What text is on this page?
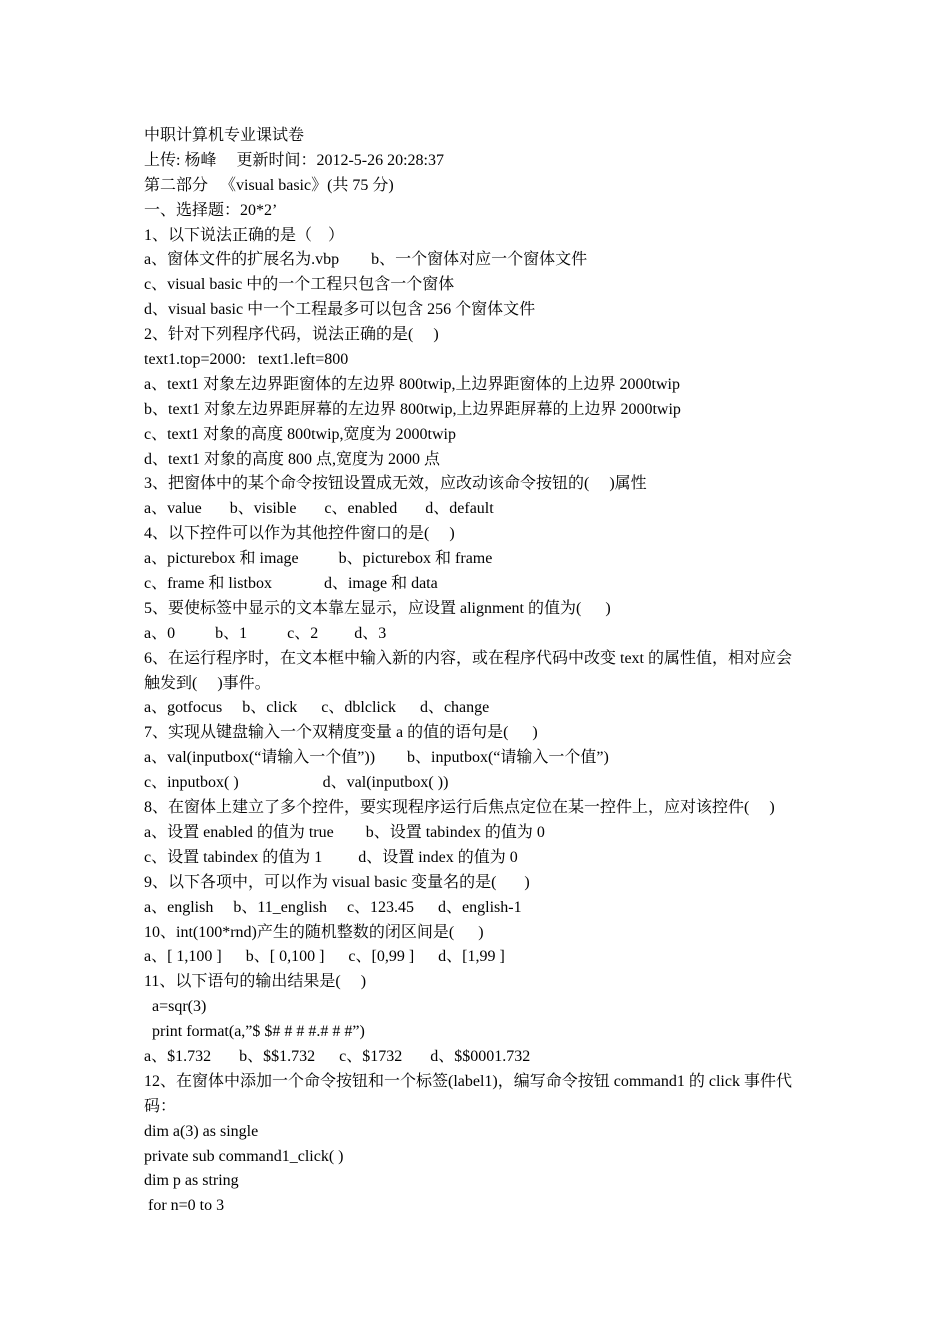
中职计算机专业课试卷
上传: 杨峰     更新时间：2012-5-26 20:28:37
第二部分   《visual basic》(共 75 分)
一、选择题：20*2’
1、以下说法正确的是（    ）
a、窗体文件的扩展名为.vbp        b、一个窗体对应一个窗体文件
c、visual basic 中的一个工程只包含一个窗体
d、visual basic 中一个工程最多可以包含 256 个窗体文件
2、针对下列程序代码，说法正确的是(     )
text1.top=2000:   text1.left=800
a、text1 对象左边界距窗体的左边界 800twip,上边界距窗体的上边界 2000twip
b、text1 对象左边界距屏幕的左边界 800twip,上边界距屏幕的上边界 2000twip
c、text1 对象的高度 800twip,宽度为 2000twip
d、text1 对象的高度 800 点,宽度为 2000 点
3、把窗体中的某个命令按钮设置成无效，应改动该命令按钮的(     )属性
a、value       b、visible       c、enabled       d、default
4、以下控件可以作为其他控件窗口的是(     )
a、picturebox 和 image          b、picturebox 和 frame
c、frame 和 listbox             d、image 和 data
5、要使标签中显示的文本靠左显示，应设置 alignment 的值为(      )
a、0          b、1          c、2         d、3
6、在运行程序时，在文本框中输入新的内容，或在程序代码中改变 text 的属性值，相对应会
触发到(     )事件。
a、gotfocus     b、click      c、dblclick      d、change
7、实现从键盘输入一个双精度变量 a 的值的语句是(      )
a、val(inputbox(“请输入一个值”))        b、inputbox(“请输入一个值”)
c、inputbox( )                     d、val(inputbox( ))
8、在窗体上建立了多个控件，要实现程序运行后焦点定位在某一控件上，应对该控件(     )
a、设置 enabled 的值为 true        b、设置 tabindex 的值为 0
c、设置 tabindex 的值为 1         d、设置 index 的值为 0
9、以下各项中，可以作为 visual basic 变量名的是(       )
a、english     b、11_english     c、123.45      d、english-1
10、int(100*rnd)产生的随机整数的闭区间是(      )
a、[ 1,100 ]      b、[ 0,100 ]      c、[0,99 ]      d、[1,99 ]
11、以下语句的输出结果是(     )
a=sqr(3)
print format(a,”$ $# # # #.# # #”)
a、$1.732       b、$$1.732      c、$1732       d、$$0001.732
12、在窗体中添加一个命令按钮和一个标签(label1)，编写命令按钮 command1 的 click 事件代
码：
dim a(3) as single
private sub command1_click( )
dim p as string
for n=0 to 3
